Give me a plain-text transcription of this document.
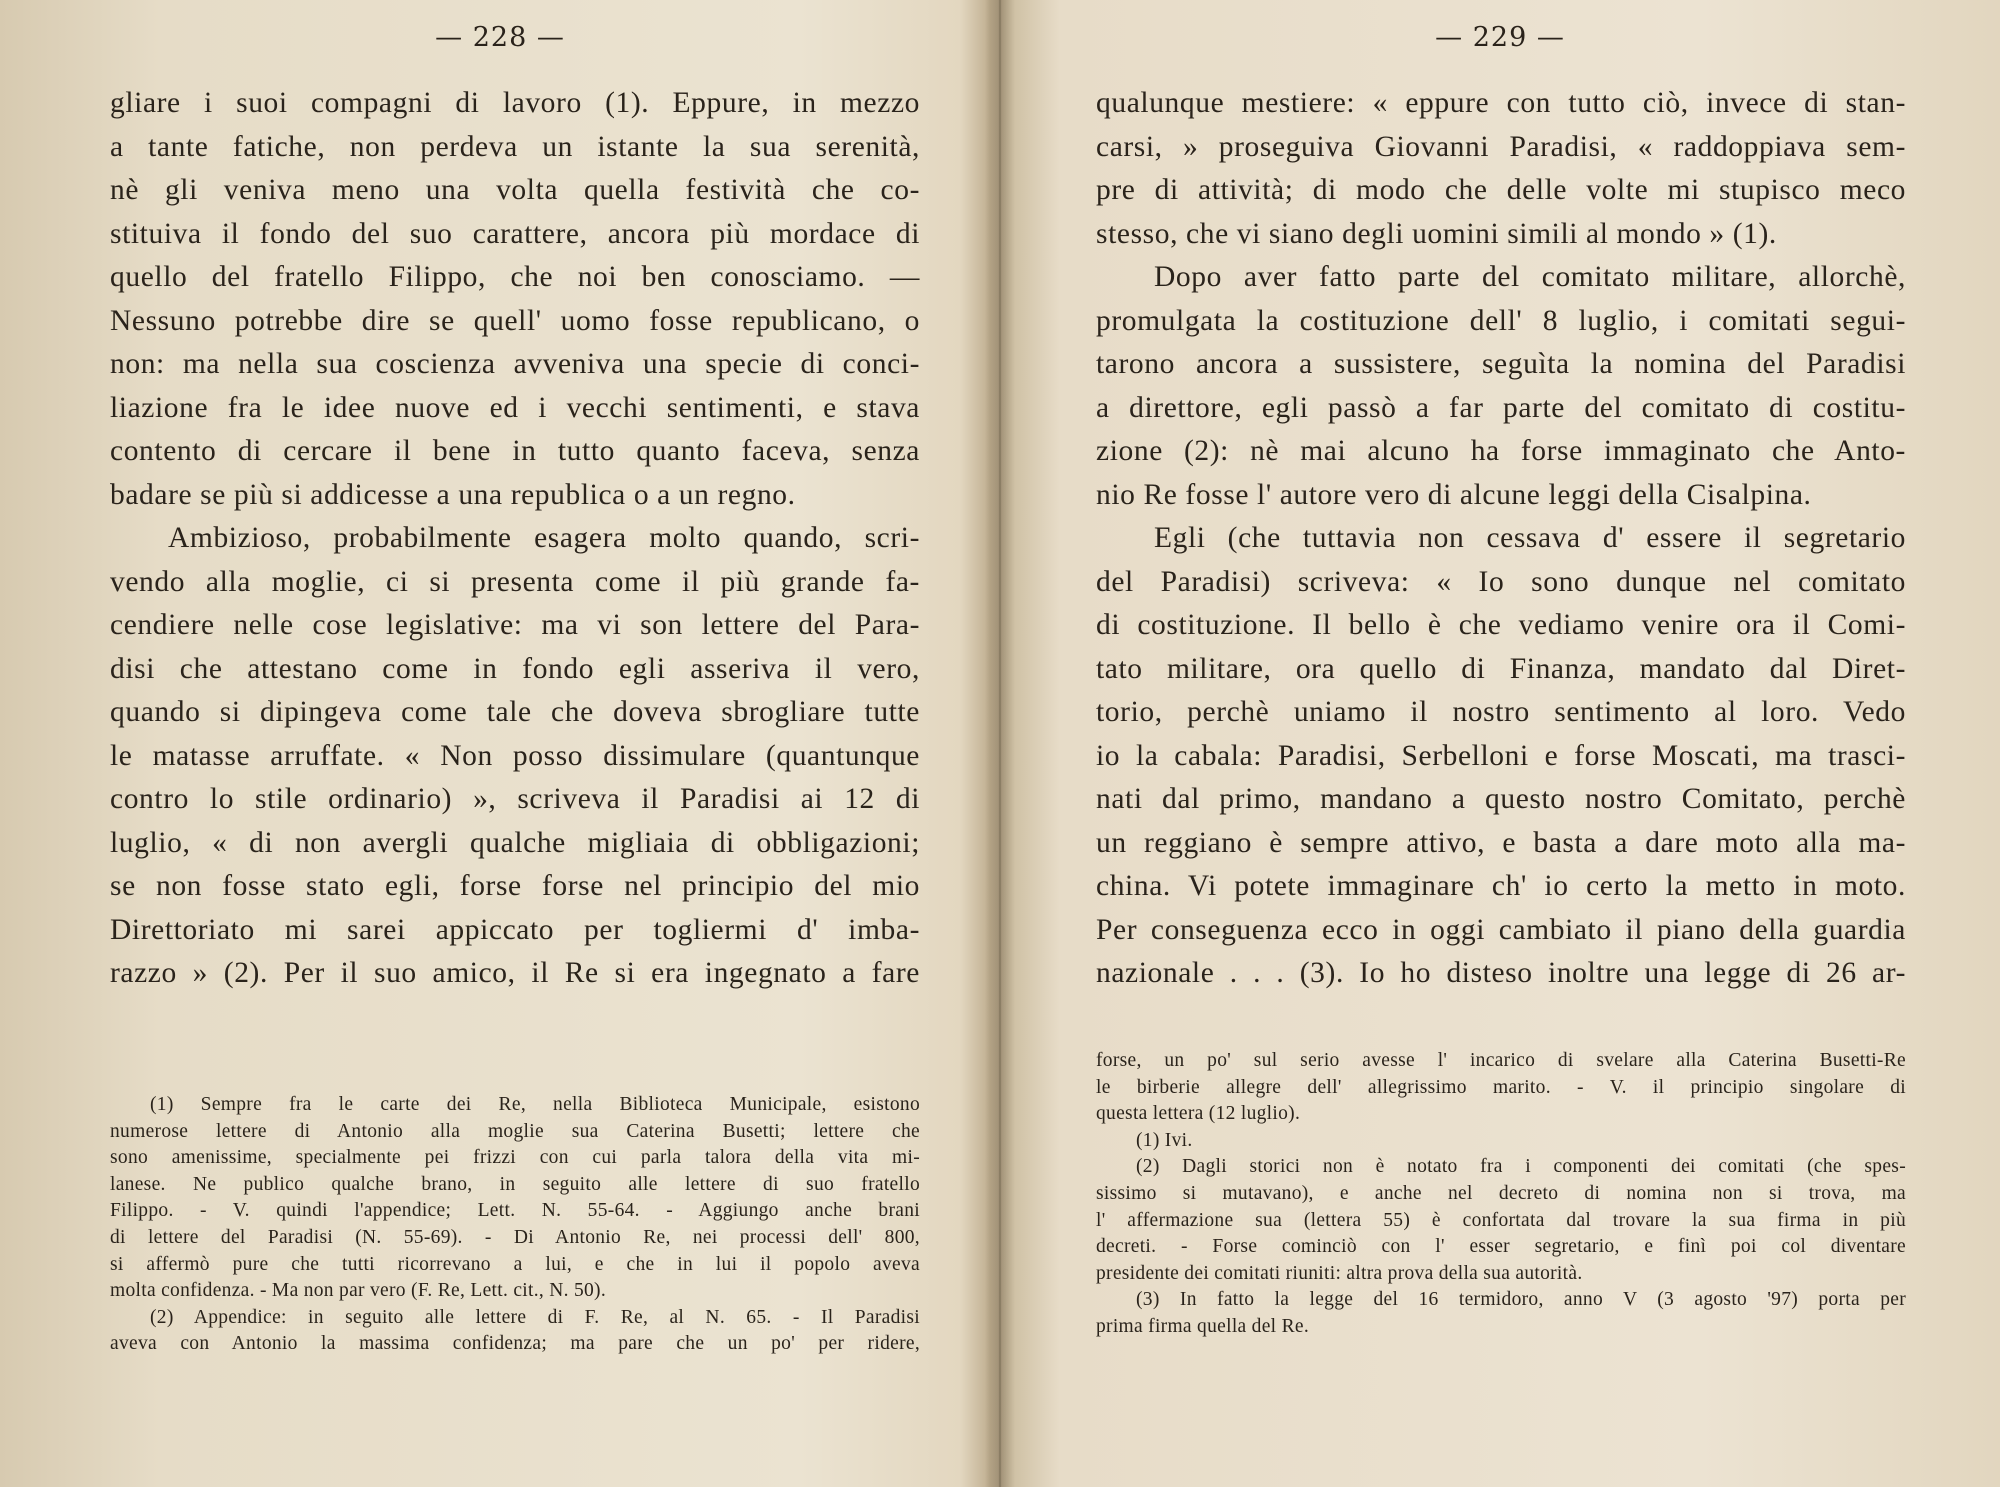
— 228 —
gliare i suoi compagni di lavoro (1). Eppure, in mezzo
a tante fatiche, non perdeva un istante la sua serenità,
nè gli veniva meno una volta quella festività che co-
stituiva il fondo del suo carattere, ancora più mordace di
quello del fratello Filippo, che noi ben conosciamo. —
Nessuno potrebbe dire se quell' uomo fosse republicano, o
non: ma nella sua coscienza avveniva una specie di conci-
liazione fra le idee nuove ed i vecchi sentimenti, e stava
contento di cercare il bene in tutto quanto faceva, senza
badare se più si addicesse a una republica o a un regno.
Ambizioso, probabilmente esagera molto quando, scri-
vendo alla moglie, ci si presenta come il più grande fa-
cendiere nelle cose legislative: ma vi son lettere del Para-
disi che attestano come in fondo egli asseriva il vero,
quando si dipingeva come tale che doveva sbrogliare tutte
le matasse arruffate. « Non posso dissimulare (quantunque
contro lo stile ordinario) », scriveva il Paradisi ai 12 di
luglio, « di non avergli qualche migliaia di obbligazioni;
se non fosse stato egli, forse forse nel principio del mio
Direttoriato mi sarei appiccato per togliermi d' imba-
razzo » (2). Per il suo amico, il Re si era ingegnato a fare
(1) Sempre fra le carte dei Re, nella Biblioteca Municipale, esistono
numerose lettere di Antonio alla moglie sua Caterina Busetti; lettere che
sono amenissime, specialmente pei frizzi con cui parla talora della vita mi-
lanese. Ne publico qualche brano, in seguito alle lettere di suo fratello
Filippo. - V. quindi l'appendice; Lett. N. 55-64. - Aggiungo anche brani
di lettere del Paradisi (N. 55-69). - Di Antonio Re, nei processi dell' 800,
si affermò pure che tutti ricorrevano a lui, e che in lui il popolo aveva
molta confidenza. - Ma non par vero (F. Re, Lett. cit., N. 50).
(2) Appendice: in seguito alle lettere di F. Re, al N. 65. - Il Paradisi
aveva con Antonio la massima confidenza; ma pare che un po' per ridere,
— 229 —
qualunque mestiere: « eppure con tutto ciò, invece di stan-
carsi, » proseguiva Giovanni Paradisi, « raddoppiava sem-
pre di attività; di modo che delle volte mi stupisco meco
stesso, che vi siano degli uomini simili al mondo » (1).
Dopo aver fatto parte del comitato militare, allorchè,
promulgata la costituzione dell' 8 luglio, i comitati segui-
tarono ancora a sussistere, seguìta la nomina del Paradisi
a direttore, egli passò a far parte del comitato di costitu-
zione (2): nè mai alcuno ha forse immaginato che Anto-
nio Re fosse l' autore vero di alcune leggi della Cisalpina.
Egli (che tuttavia non cessava d' essere il segretario
del Paradisi) scriveva: « Io sono dunque nel comitato
di costituzione. Il bello è che vediamo venire ora il Comi-
tato militare, ora quello di Finanza, mandato dal Diret-
torio, perchè uniamo il nostro sentimento al loro. Vedo
io la cabala: Paradisi, Serbelloni e forse Moscati, ma trasci-
nati dal primo, mandano a questo nostro Comitato, perchè
un reggiano è sempre attivo, e basta a dare moto alla ma-
china. Vi potete immaginare ch' io certo la metto in moto.
Per conseguenza ecco in oggi cambiato il piano della guardia
nazionale . . . (3). Io ho disteso inoltre una legge di 26 ar-
forse, un po' sul serio avesse l' incarico di svelare alla Caterina Busetti-Re
le birberie allegre dell' allegrissimo marito. - V. il principio singolare di
questa lettera (12 luglio).
(1) Ivi.
(2) Dagli storici non è notato fra i componenti dei comitati (che spes-
sissimo si mutavano), e anche nel decreto di nomina non si trova, ma
l' affermazione sua (lettera 55) è confortata dal trovare la sua firma in più
decreti. - Forse cominciò con l' esser segretario, e finì poi col diventare
presidente dei comitati riuniti: altra prova della sua autorità.
(3) In fatto la legge del 16 termidoro, anno V (3 agosto '97) porta per
prima firma quella del Re.
